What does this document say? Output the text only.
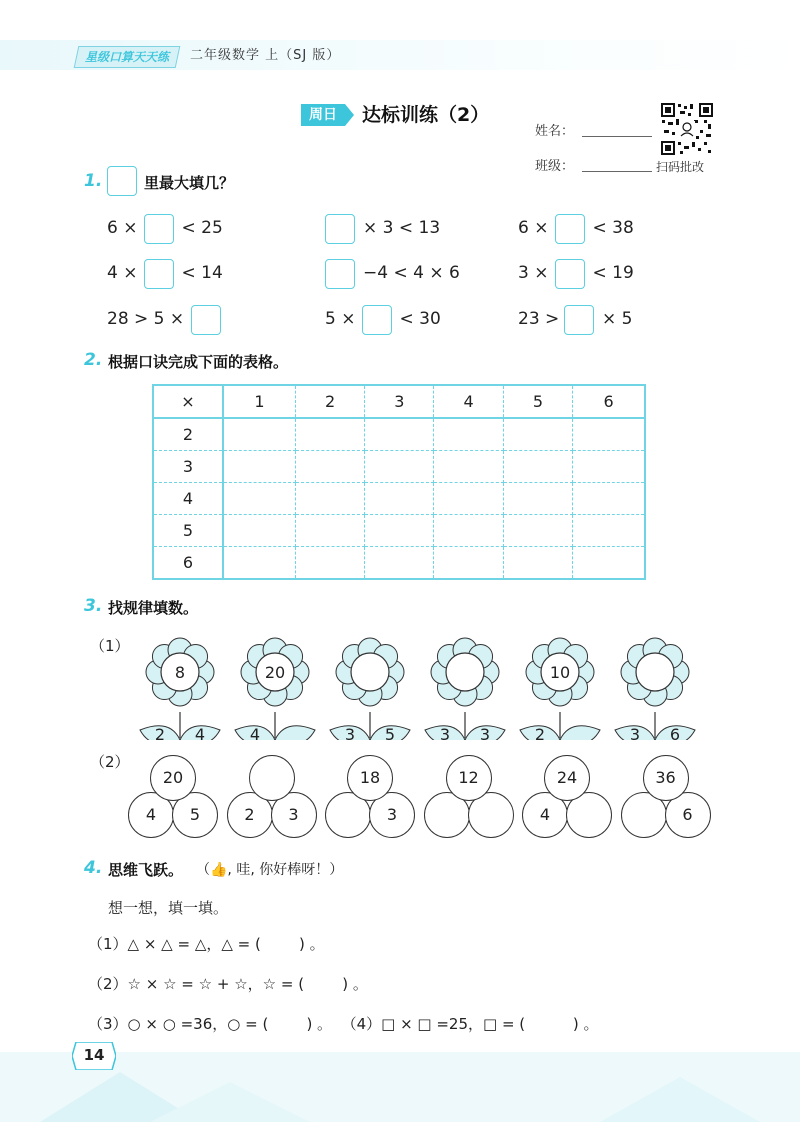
星级口算天天练	二年级数学 上（SJ 版）
周日	达标训练（2）
姓名：
班级：	扫码批改
1.	里最大填几？
6 ×	< 25	× 3 < 13	6 ×	< 38
4 ×	< 14	−4 < 4 × 6	3 ×	< 19
28 > 5 ×	5 ×	< 30	23 >	× 5
2. 根据口诀完成下面的表格。
×	1	2	3	4	5	6
2						
3						
4						
5						
6						
3. 找规律填数。
（1）
8
2 4
20
4	3 5	3 3
10
2	3 6
（2）
4	5
20
2	3	3
18	12
4
24
6
36
4. 思维飞跃。 （👍, 哇, 你好棒呀！）
想一想，填一填。
（1）△ × △ = △，△ = (        ) 。
（2）☆ × ☆ = ☆ + ☆，☆ = (        ) 。
（3）○ × ○ =36，○ = (        ) 。  （4）□ × □ =25，□ = (          ) 。
14
